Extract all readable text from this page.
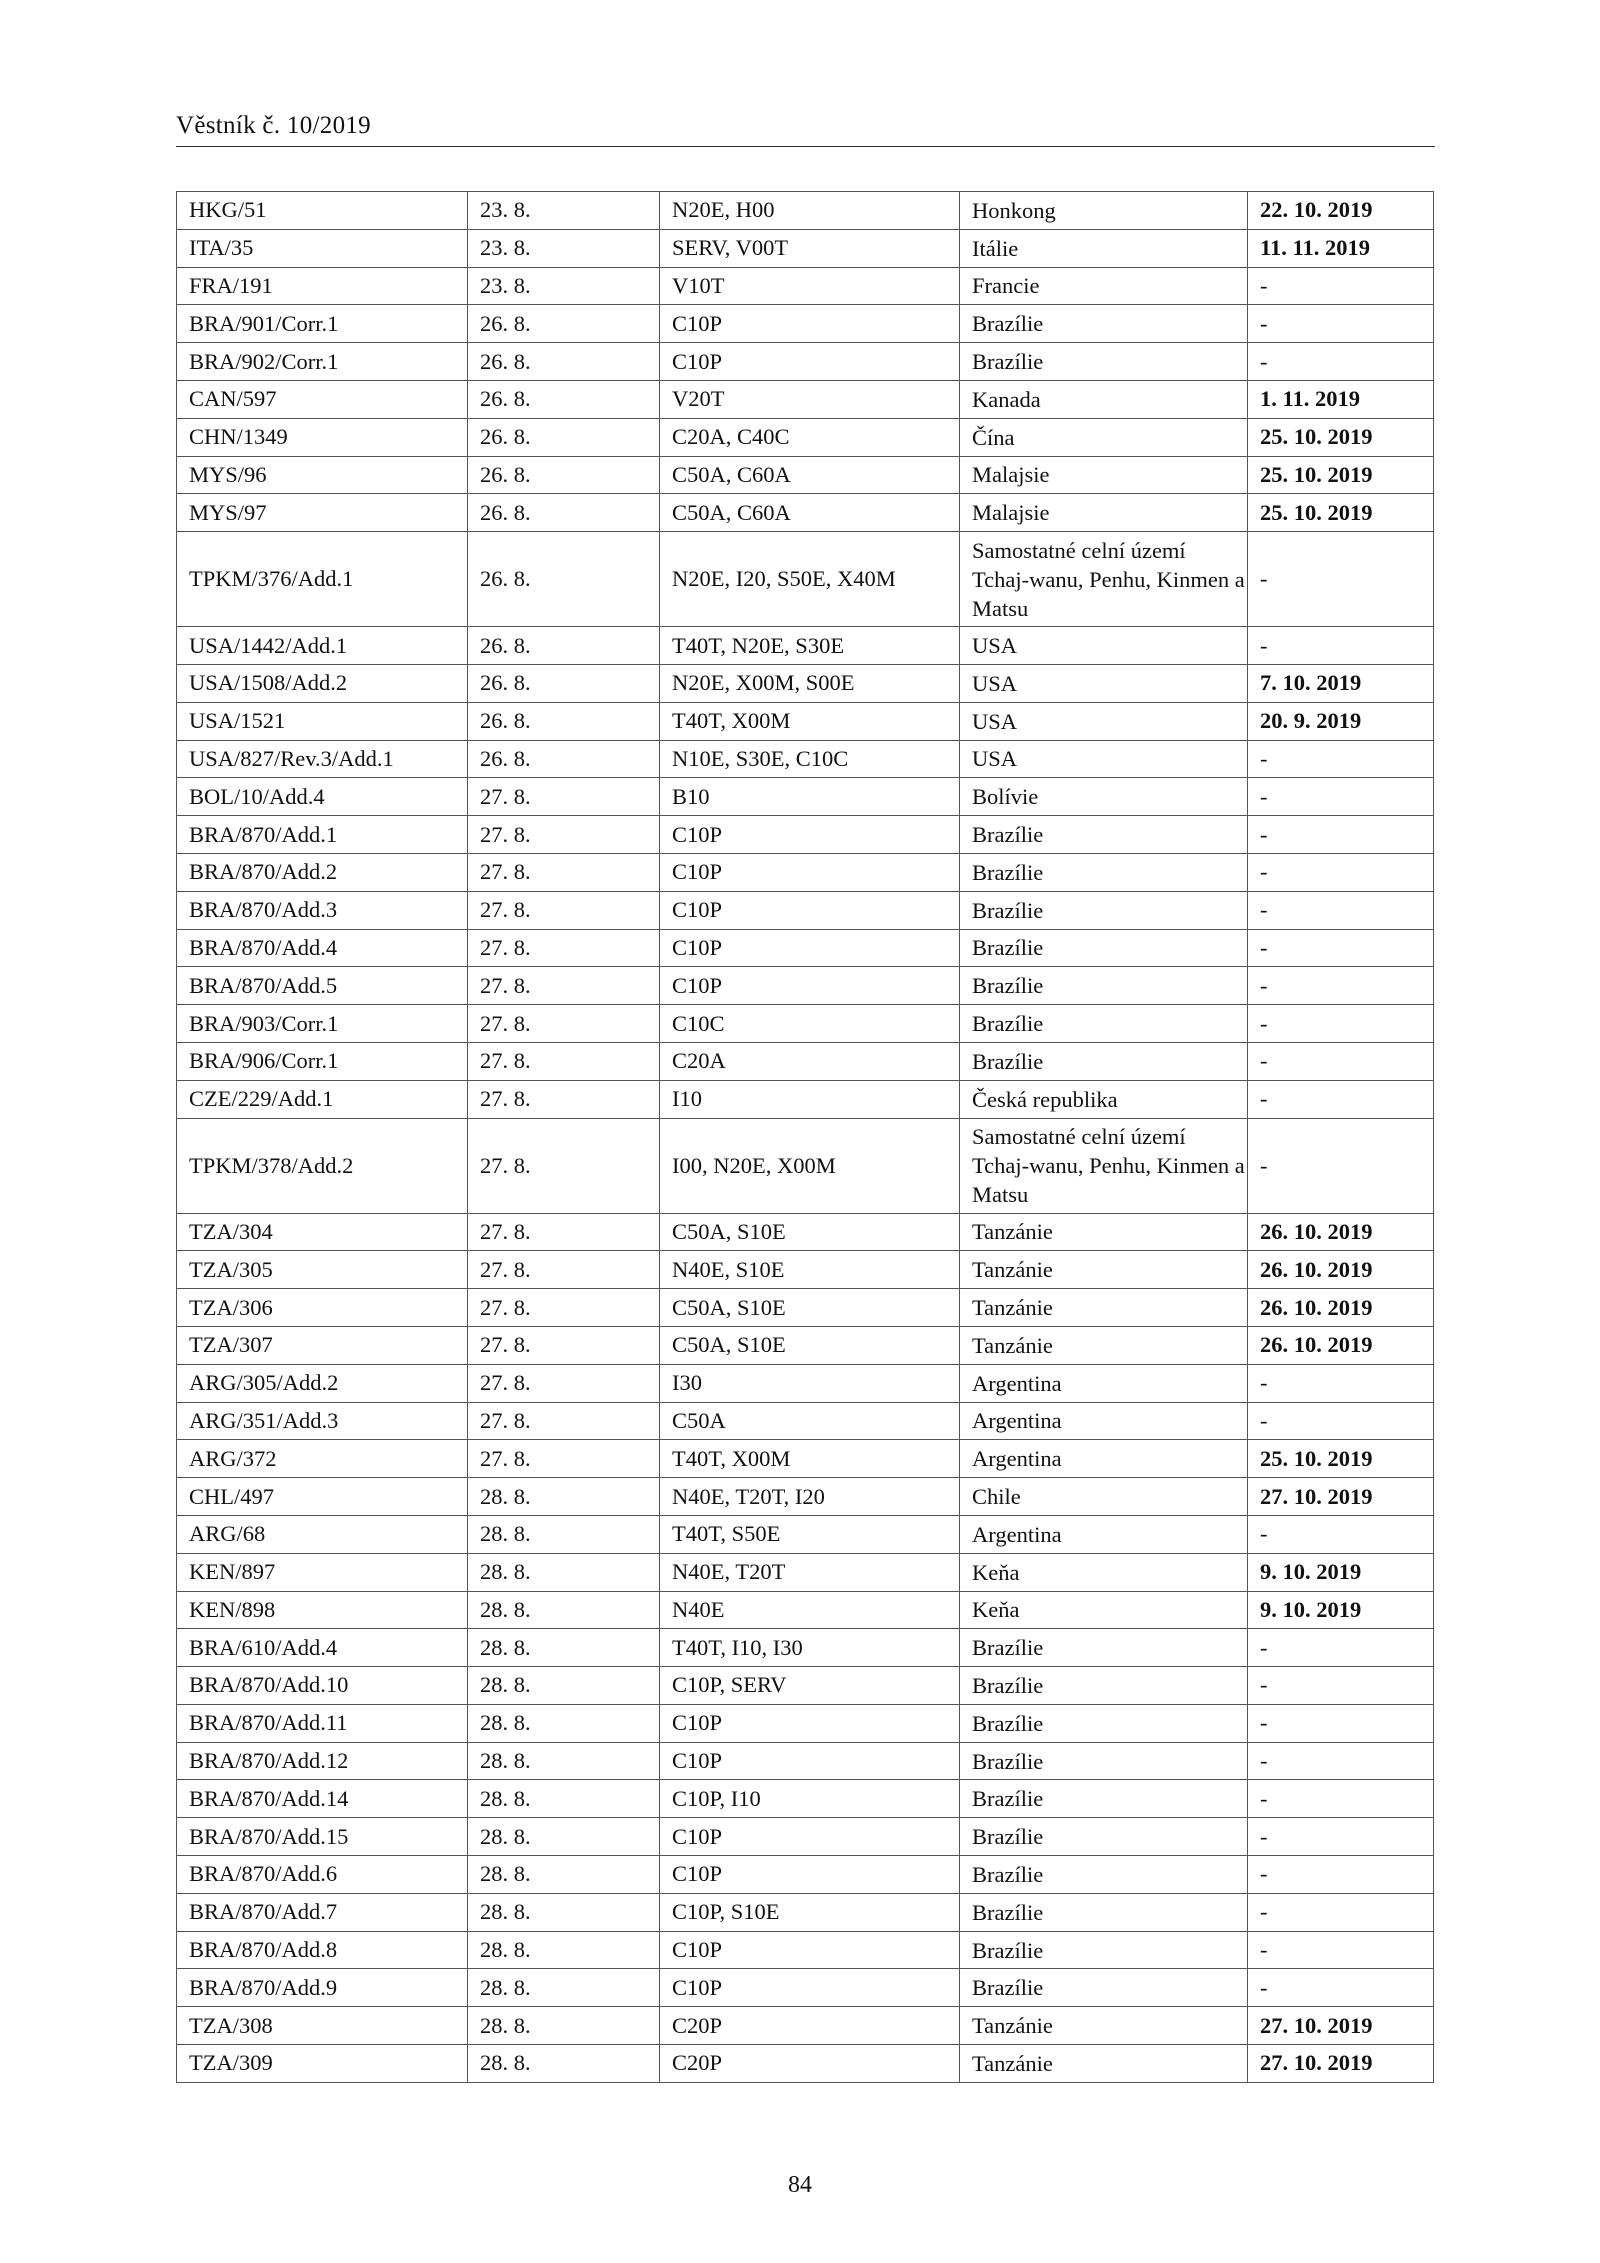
Věstník č. 10/2019
HKG/51	23. 8.	N20E, H00	Honkong	22. 10. 2019
ITA/35	23. 8.	SERV, V00T	Itálie	11. 11. 2019
FRA/191	23. 8.	V10T	Francie	-
BRA/901/Corr.1	26. 8.	C10P	Brazílie	-
BRA/902/Corr.1	26. 8.	C10P	Brazílie	-
CAN/597	26. 8.	V20T	Kanada	1. 11. 2019
CHN/1349	26. 8.	C20A, C40C	Čína	25. 10. 2019
MYS/96	26. 8.	C50A, C60A	Malajsie	25. 10. 2019
MYS/97	26. 8.	C50A, C60A	Malajsie	25. 10. 2019
TPKM/376/Add.1	26. 8.	N20E, I20, S50E, X40M	Samostatné celní území Tchaj-wanu, Penhu, Kinmen a Matsu	-
USA/1442/Add.1	26. 8.	T40T, N20E, S30E	USA	-
USA/1508/Add.2	26. 8.	N20E, X00M, S00E	USA	7. 10. 2019
USA/1521	26. 8.	T40T, X00M	USA	20. 9. 2019
USA/827/Rev.3/Add.1	26. 8.	N10E, S30E, C10C	USA	-
BOL/10/Add.4	27. 8.	B10	Bolívie	-
BRA/870/Add.1	27. 8.	C10P	Brazílie	-
BRA/870/Add.2	27. 8.	C10P	Brazílie	-
BRA/870/Add.3	27. 8.	C10P	Brazílie	-
BRA/870/Add.4	27. 8.	C10P	Brazílie	-
BRA/870/Add.5	27. 8.	C10P	Brazílie	-
BRA/903/Corr.1	27. 8.	C10C	Brazílie	-
BRA/906/Corr.1	27. 8.	C20A	Brazílie	-
CZE/229/Add.1	27. 8.	I10	Česká republika	-
TPKM/378/Add.2	27. 8.	I00, N20E, X00M	Samostatné celní území Tchaj-wanu, Penhu, Kinmen a Matsu	-
TZA/304	27. 8.	C50A, S10E	Tanzánie	26. 10. 2019
TZA/305	27. 8.	N40E, S10E	Tanzánie	26. 10. 2019
TZA/306	27. 8.	C50A, S10E	Tanzánie	26. 10. 2019
TZA/307	27. 8.	C50A, S10E	Tanzánie	26. 10. 2019
ARG/305/Add.2	27. 8.	I30	Argentina	-
ARG/351/Add.3	27. 8.	C50A	Argentina	-
ARG/372	27. 8.	T40T, X00M	Argentina	25. 10. 2019
CHL/497	28. 8.	N40E, T20T, I20	Chile	27. 10. 2019
ARG/68	28. 8.	T40T, S50E	Argentina	-
KEN/897	28. 8.	N40E, T20T	Keňa	9. 10. 2019
KEN/898	28. 8.	N40E	Keňa	9. 10. 2019
BRA/610/Add.4	28. 8.	T40T, I10, I30	Brazílie	-
BRA/870/Add.10	28. 8.	C10P, SERV	Brazílie	-
BRA/870/Add.11	28. 8.	C10P	Brazílie	-
BRA/870/Add.12	28. 8.	C10P	Brazílie	-
BRA/870/Add.14	28. 8.	C10P, I10	Brazílie	-
BRA/870/Add.15	28. 8.	C10P	Brazílie	-
BRA/870/Add.6	28. 8.	C10P	Brazílie	-
BRA/870/Add.7	28. 8.	C10P, S10E	Brazílie	-
BRA/870/Add.8	28. 8.	C10P	Brazílie	-
BRA/870/Add.9	28. 8.	C10P	Brazílie	-
TZA/308	28. 8.	C20P	Tanzánie	27. 10. 2019
TZA/309	28. 8.	C20P	Tanzánie	27. 10. 2019
84
